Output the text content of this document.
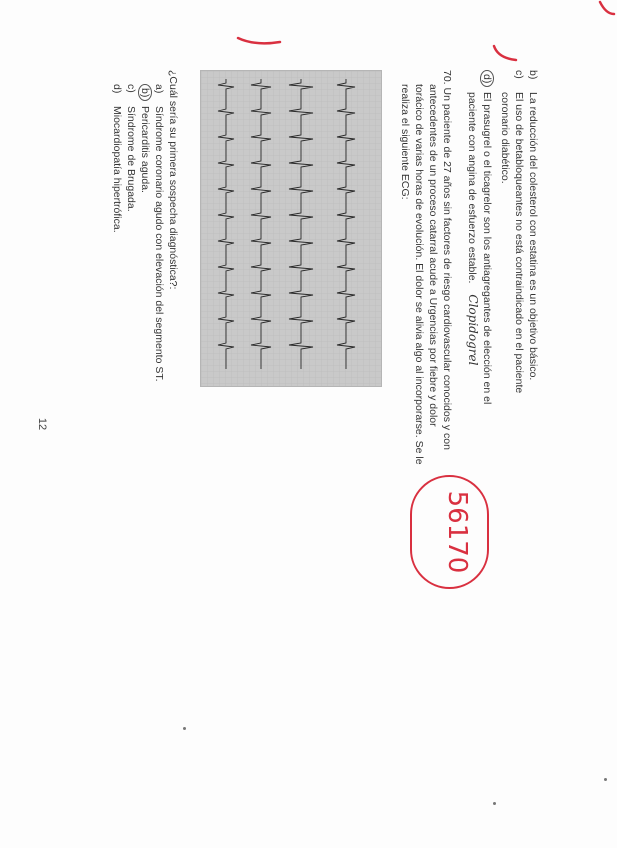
b)La reducción del colesterol con estatina es un objetivo básico.
c)El uso de betabloqueantes no está contraindicado en el paciente
coronario diabético.
d)El prasugrel o el ticagrelor son los antiagregantes de elección en el
paciente con angina de esfuerzo estable. Clopidogrel
70. Un paciente de 27 años sin factores de riesgo cardiovascular conocidos y con
antecedentes de un proceso catarral acude a Urgencias por fiebre y dolor
torácico de varias horas de evolución. El dolor se alivia algo al incorporarse. Se le
realiza el siguiente ECG:
¿Cuál sería su primera sospecha diagnóstica?:
a)Síndrome coronario agudo con elevación del segmento ST.
b)Pericarditis aguda.
c)Síndrome de Brugada.
d)Miocardiopatía hipertrófica.
12
56170
